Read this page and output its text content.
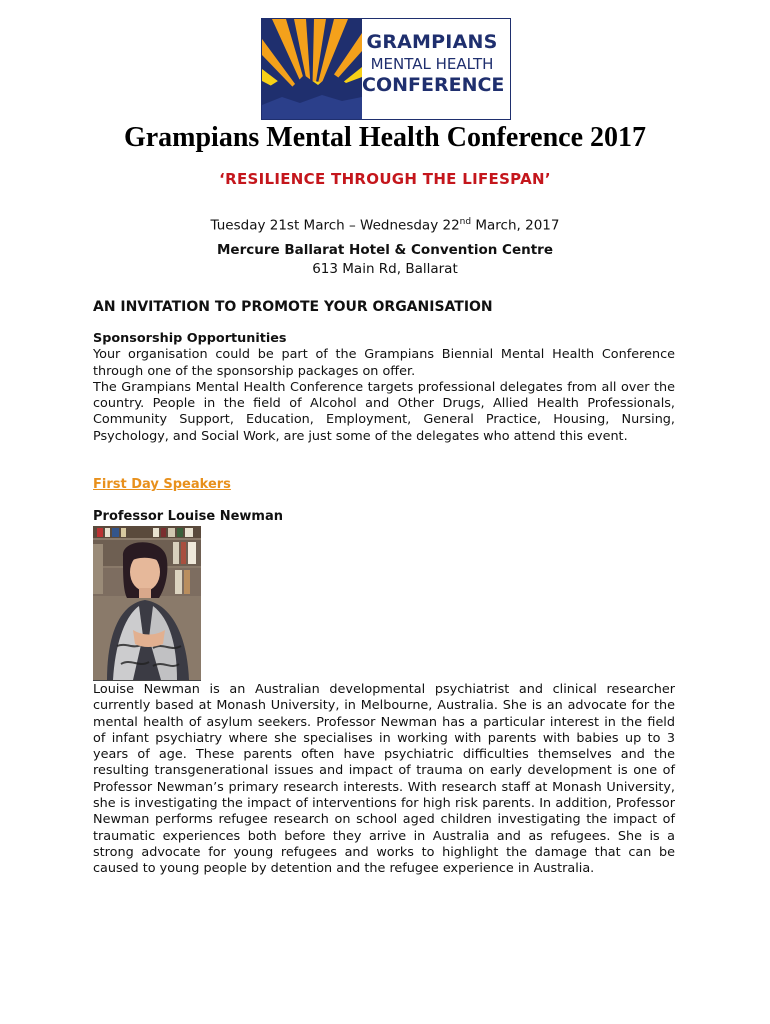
GRAMPIANS
MENTAL HEALTH
CONFERENCE
Grampians Mental Health Conference 2017
‘RESILIENCE THROUGH THE LIFESPAN’
Tuesday 21st March – Wednesday 22nd March, 2017
Mercure Ballarat Hotel & Convention Centre
613 Main Rd, Ballarat
AN INVITATION TO PROMOTE YOUR ORGANISATION
Sponsorship Opportunities
Your organisation could be part of the Grampians Biennial Mental Health Conference through one of the sponsorship packages on offer.
The Grampians Mental Health Conference targets professional delegates from all over the country. People in the field of Alcohol and Other Drugs, Allied Health Professionals, Community Support, Education, Employment, General Practice, Housing, Nursing, Psychology, and Social Work, are just some of the delegates who attend this event.
First Day Speakers
Professor Louise Newman
Louise Newman is an Australian developmental psychiatrist and clinical researcher currently based at Monash University, in Melbourne, Australia. She is an advocate for the mental health of asylum seekers. Professor Newman has a particular interest in the field of infant psychiatry where she specialises in working with parents with babies up to 3 years of age. These parents often have psychiatric difficulties themselves and the resulting transgenerational issues and impact of trauma on early development is one of Professor Newman’s primary research interests. With research staff at Monash University, she is investigating the impact of interventions for high risk parents. In addition, Professor Newman performs refugee research on school aged children investigating the impact of traumatic experiences both before they arrive in Australia and as refugees. She is a strong advocate for young refugees and works to highlight the damage that can be caused to young people by detention and the refugee experience in Australia.
